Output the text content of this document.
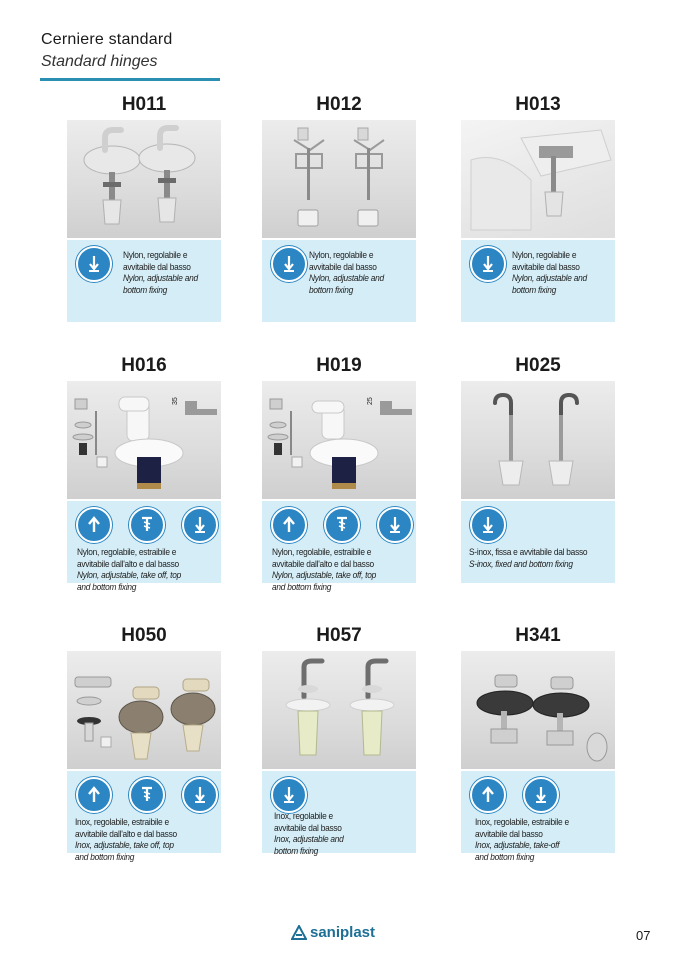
Cerniere standard
Standard hinges
H011
Nylon, regolabile e
avvitabile dal basso
Nylon, adjustable and
bottom fixing
H012
Nylon, regolabile e
avvitabile dal basso
Nylon, adjustable and
bottom fixing
H013
Nylon, regolabile e
avvitabile dal basso
Nylon, adjustable and
bottom fixing
H016
35
Nylon, regolabile, estraibile e
avvitabile dall'alto e dal basso
Nylon, adjustable, take off, top
and bottom fixing
H019
25
Nylon, regolabile, estraibile e
avvitabile dall'alto e dal basso
Nylon, adjustable, take off, top
and bottom fixing
H025
S-inox, fissa e avvitabile dal basso
S-inox, fixed and bottom fixing
H050
Inox, regolabile, estraibile e
avvitabile dall'alto e dal basso
Inox, adjustable, take off, top
and bottom fixing
H057
Inox, regolabile e
avvitabile dal basso
Inox, adjustable and
bottom fixing
H341
Inox, regolabile, estraibile e
avvitabile dal basso
Inox, adjustable, take-off
and bottom fixing
saniplast	07
